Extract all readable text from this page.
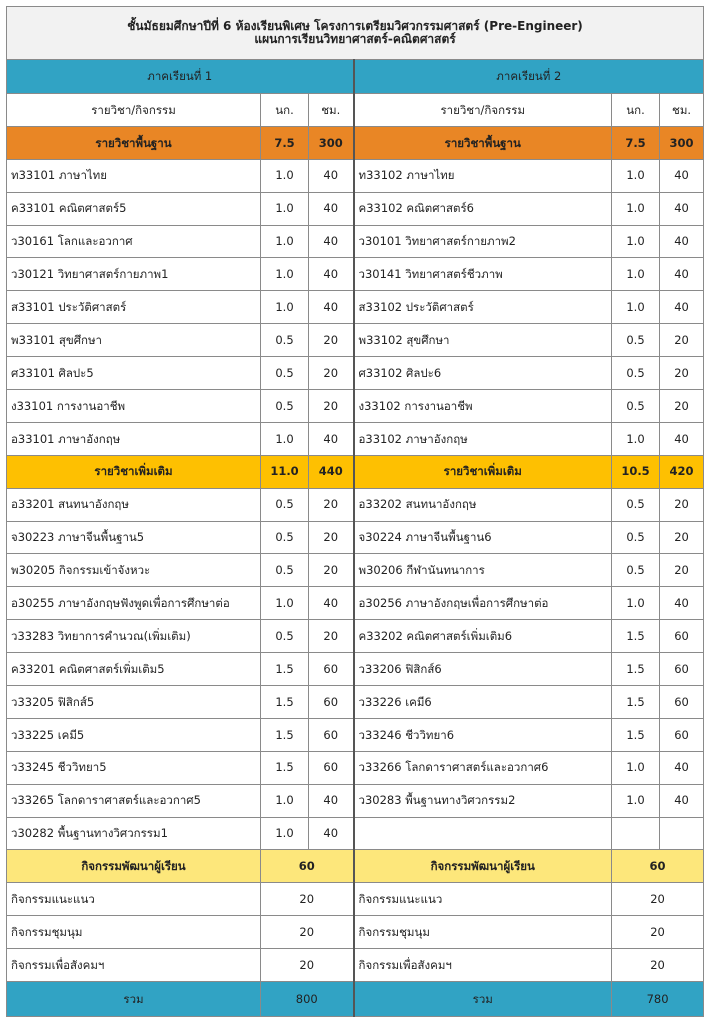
ชั้นมัธยมศึกษาปีที่ 6 ห้องเรียนพิเศษ โครงการเตรียมวิศวกรรมศาสตร์ (Pre-Engineer)
แผนการเรียนวิทยาศาสตร์-คณิตศาสตร์					

ภาคเรียนที่ 1			ภาคเรียนที่ 2		
รายวิชา/กิจกรรม	นก.	ชม.	รายวิชา/กิจกรรม	นก.	ชม.
รายวิชาพื้นฐาน	7.5	300	รายวิชาพื้นฐาน	7.5	300
ท33101 ภาษาไทย	1.0	40	ท33102 ภาษาไทย	1.0	40
ค33101 คณิตศาสตร์5	1.0	40	ค33102 คณิตศาสตร์6	1.0	40
ว30161 โลกและอวกาศ	1.0	40	ว30101 วิทยาศาสตร์กายภาพ2	1.0	40
ว30121 วิทยาศาสตร์กายภาพ1	1.0	40	ว30141 วิทยาศาสตร์ชีวภาพ	1.0	40
ส33101 ประวัติศาสตร์	1.0	40	ส33102 ประวัติศาสตร์	1.0	40
พ33101 สุขศึกษา	0.5	20	พ33102 สุขศึกษา	0.5	20
ศ33101 ศิลปะ5	0.5	20	ศ33102 ศิลปะ6	0.5	20
ง33101 การงานอาชีพ	0.5	20	ง33102 การงานอาชีพ	0.5	20
อ33101 ภาษาอังกฤษ	1.0	40	อ33102 ภาษาอังกฤษ	1.0	40
รายวิชาเพิ่มเติม	11.0	440	รายวิชาเพิ่มเติม	10.5	420
อ33201 สนทนาอังกฤษ	0.5	20	อ33202 สนทนาอังกฤษ	0.5	20
จ30223 ภาษาจีนพื้นฐาน5	0.5	20	จ30224 ภาษาจีนพื้นฐาน6	0.5	20
พ30205 กิจกรรมเข้าจังหวะ	0.5	20	พ30206 กีฬานันทนาการ	0.5	20
อ30255 ภาษาอังกฤษฟังพูดเพื่อการศึกษาต่อ	1.0	40	อ30256 ภาษาอังกฤษเพื่อการศึกษาต่อ	1.0	40
ว33283 วิทยาการคำนวณ(เพิ่มเติม)	0.5	20	ค33202 คณิตศาสตร์เพิ่มเติม6	1.5	60
ค33201 คณิตศาสตร์เพิ่มเติม5	1.5	60	ว33206 ฟิสิกส์6	1.5	60
ว33205 ฟิสิกส์5	1.5	60	ว33226 เคมี6	1.5	60
ว33225 เคมี5	1.5	60	ว33246 ชีววิทยา6	1.5	60
ว33245 ชีววิทยา5	1.5	60	ว33266 โลกดาราศาสตร์และอวกาศ6	1.0	40
ว33265 โลกดาราศาสตร์และอวกาศ5	1.0	40	ว30283 พื้นฐานทางวิศวกรรม2	1.0	40
ว30282 พื้นฐานทางวิศวกรรม1	1.0	40			
กิจกรรมพัฒนาผู้เรียน	60		กิจกรรมพัฒนาผู้เรียน	60	
กิจกรรมแนะแนว	20		กิจกรรมแนะแนว	20	
กิจกรรมชุมนุม	20		กิจกรรมชุมนุม	20	
กิจกรรมเพื่อสังคมฯ	20		กิจกรรมเพื่อสังคมฯ	20	
รวม	800		รวม	780	
